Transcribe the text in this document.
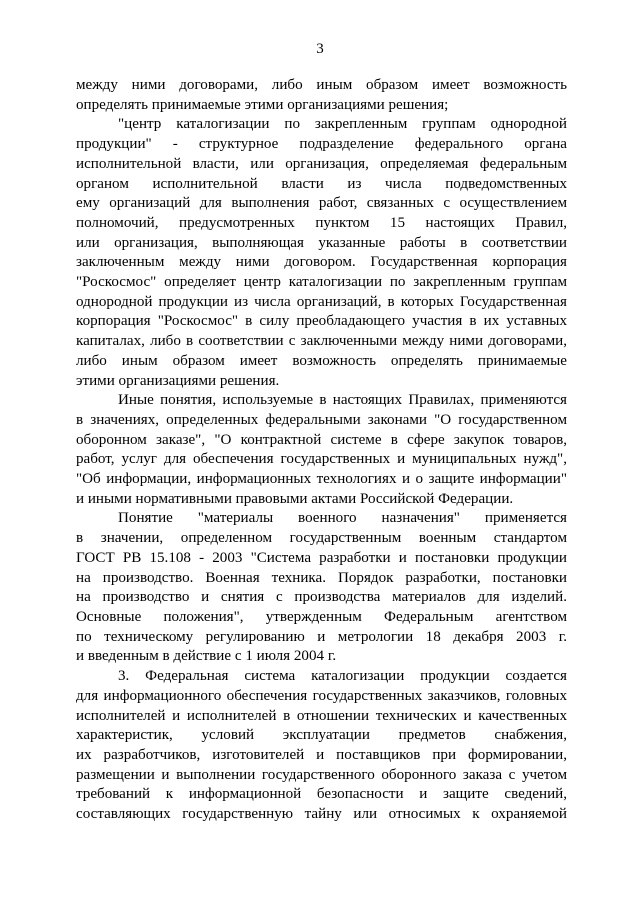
3
между ними договорами, либо иным образом имеет возможность
определять принимаемые этими организациями решения;
"центр каталогизации по закрепленным группам однородной
продукции" - структурное подразделение федерального органа
исполнительной власти, или организация, определяемая федеральным
органом исполнительной власти из числа подведомственных
ему организаций для выполнения работ, связанных с осуществлением
полномочий, предусмотренных пунктом 15 настоящих Правил,
или организация, выполняющая указанные работы в соответствии
заключенным между ними договором. Государственная корпорация
"Роскосмос" определяет центр каталогизации по закрепленным группам
однородной продукции из числа организаций, в которых Государственная
корпорация "Роскосмос" в силу преобладающего участия в их уставных
капиталах, либо в соответствии с заключенными между ними договорами,
либо иным образом имеет возможность определять принимаемые
этими организациями решения.
Иные понятия, используемые в настоящих Правилах, применяются
в значениях, определенных федеральными законами "О государственном
оборонном заказе", "О контрактной системе в сфере закупок товаров,
работ, услуг для обеспечения государственных и муниципальных нужд",
"Об информации, информационных технологиях и о защите информации"
и иными нормативными правовыми актами Российской Федерации.
Понятие "материалы военного назначения" применяется
в значении, определенном государственным военным стандартом
ГОСТ РВ 15.108 - 2003 "Система разработки и постановки продукции
на производство. Военная техника. Порядок разработки, постановки
на производство и снятия с производства материалов для изделий.
Основные положения", утвержденным Федеральным агентством
по техническому регулированию и метрологии 18 декабря 2003 г.
и введенным в действие с 1 июля 2004 г.
3. Федеральная система каталогизации продукции создается
для информационного обеспечения государственных заказчиков, головных
исполнителей и исполнителей в отношении технических и качественных
характеристик, условий эксплуатации предметов снабжения,
их разработчиков, изготовителей и поставщиков при формировании,
размещении и выполнении государственного оборонного заказа с учетом
требований к информационной безопасности и защите сведений,
составляющих государственную тайну или относимых к охраняемой
